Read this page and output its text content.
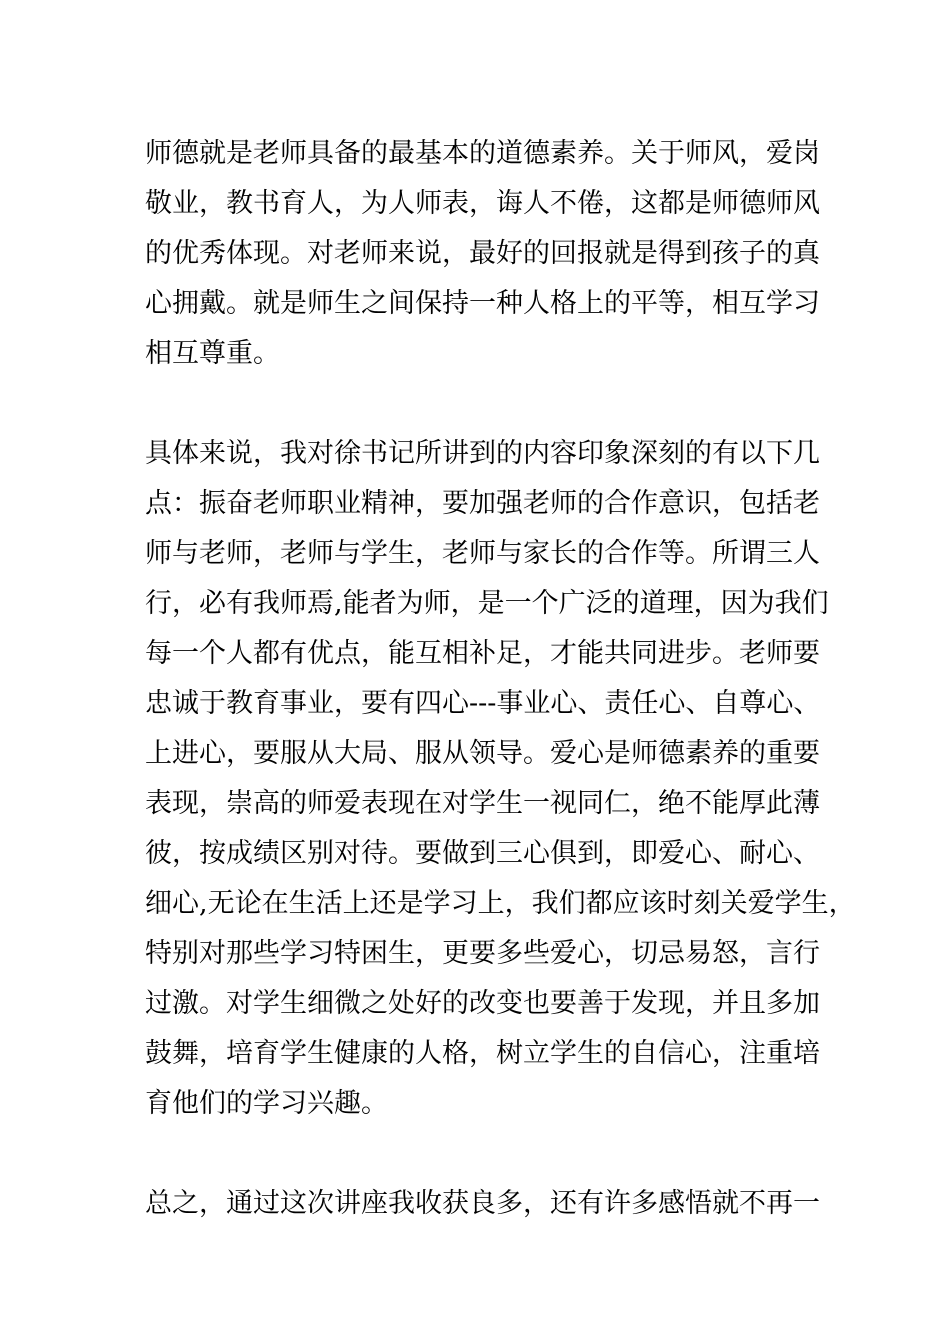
师德就是老师具备的最基本的道德素养。关于师风，爱岗
敬业，教书育人，为人师表，诲人不倦，这都是师德师风
的优秀体现。对老师来说，最好的回报就是得到孩子的真
心拥戴。就是师生之间保持一种人格上的平等，相互学习
相互尊重。
具体来说，我对徐书记所讲到的内容印象深刻的有以下几
点：振奋老师职业精神，要加强老师的合作意识，包括老
师与老师，老师与学生，老师与家长的合作等。所谓三人
行，必有我师焉,能者为师，是一个广泛的道理，因为我们
每一个人都有优点，能互相补足，才能共同进步。老师要
忠诚于教育事业，要有四心---事业心、责任心、自尊心、
上进心，要服从大局、服从领导。爱心是师德素养的重要
表现，崇高的师爱表现在对学生一视同仁，绝不能厚此薄
彼，按成绩区别对待。要做到三心俱到，即爱心、耐心、
细心,无论在生活上还是学习上，我们都应该时刻关爱学生，
特别对那些学习特困生，更要多些爱心，切忌易怒，言行
过激。对学生细微之处好的改变也要善于发现，并且多加
鼓舞，培育学生健康的人格，树立学生的自信心，注重培
育他们的学习兴趣。
总之，通过这次讲座我收获良多，还有许多感悟就不再一
